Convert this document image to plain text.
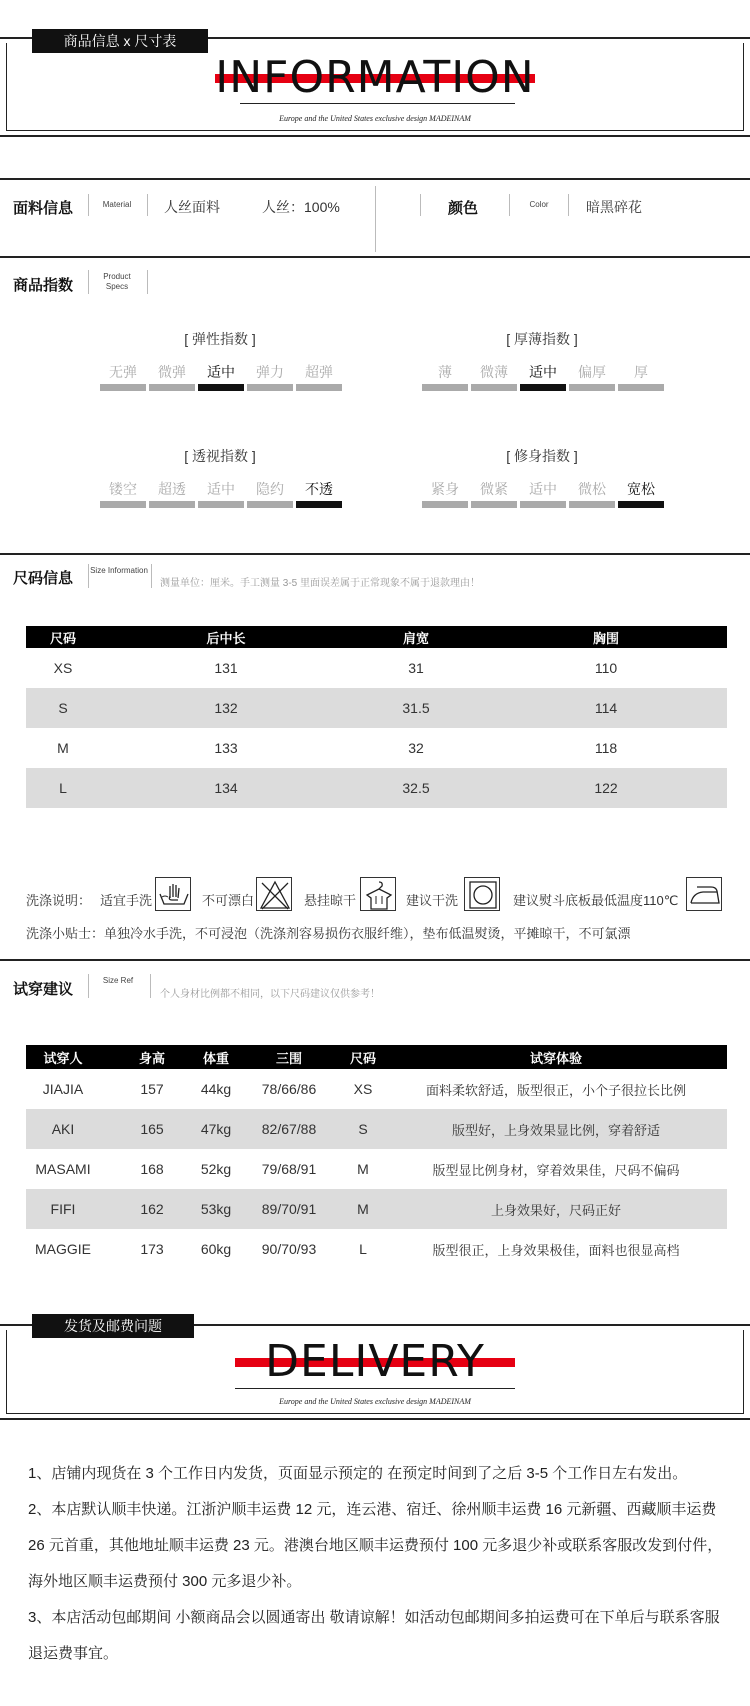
商品信息 x 尺寸表
INFORMATION
Europe and the United States exclusive design MADEINAM
面料信息	Material	人丝面料	人丝：100%	颜色	Color	暗黑碎花
商品指数
Product Specs
[ 弹性指数 ]
无弹	微弹	适中	弹力	超弹
[ 厚薄指数 ]
薄	微薄	适中	偏厚	厚
[ 透视指数 ]
镂空	超透	适中	隐约	不透
[ 修身指数 ]
紧身	微紧	适中	微松	宽松
尺码信息 Size Information
测量单位：厘米。手工测量 3-5 里面误差属于正常现象不属于退款理由！
尺码	后中长	肩宽	胸围
XS	131	31	110
S	132	31.5	114
M	133	32	118
L	134	32.5	122
洗涤说明： 适宜手洗	不可漂白	悬挂晾干	建议干洗	建议熨斗底板最低温度110℃
洗涤小贴士：单独冷水手洗，不可浸泡（洗涤剂容易损伤衣服纤维），垫布低温熨烫，平摊晾干，不可氯漂
试穿建议
Size Ref
个人身材比例都不相同，以下尺码建议仅供参考！
试穿人	身高	体重	三围	尺码	试穿体验
JIAJIA	157	44kg	78/66/86	XS	面料柔软舒适，版型很正，小个子很拉长比例
AKI	165	47kg	82/67/88	S	版型好，上身效果显比例，穿着舒适
MASAMI	168	52kg	79/68/91	M	版型显比例身材，穿着效果佳，尺码不偏码
FIFI	162	53kg	89/70/91	M	上身效果好，尺码正好
MAGGIE	173	60kg	90/70/93	L	版型很正，上身效果极佳，面料也很显高档
发货及邮费问题
DELIVERY
Europe and the United States exclusive design MADEINAM
1、店铺内现货在 3 个工作日内发货，页面显示预定的 在预定时间到了之后 3-5 个工作日左右发出。
2、本店默认顺丰快递。江浙沪顺丰运费 12 元，连云港、宿迁、徐州顺丰运费 16 元新疆、西藏顺丰运费
26 元首重，其他地址顺丰运费 23 元。港澳台地区顺丰运费预付 100 元多退少补或联系客服改发到付件，
海外地区顺丰运费预付 300 元多退少补。
3、本店活动包邮期间 小额商品会以圆通寄出 敬请谅解！如活动包邮期间多拍运费可在下单后与联系客服
退运费事宜。
